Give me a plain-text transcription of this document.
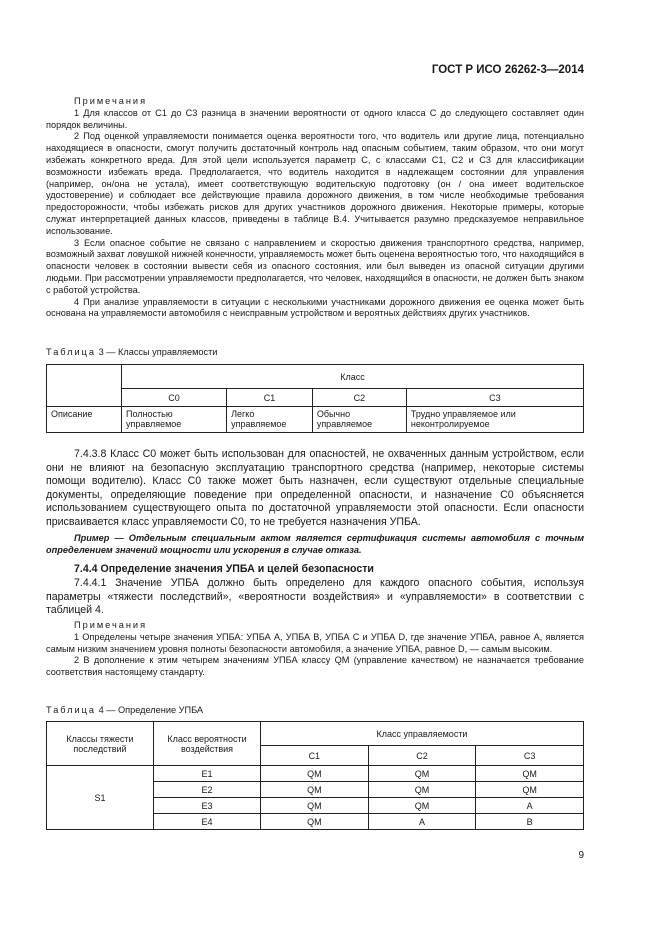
ГОСТ Р ИСО 26262-3—2014
Примечания
1 Для классов от С1 до С3 разница в значении вероятности от одного класса С до следующего составляет один порядок величины.
2 Под оценкой управляемости понимается оценка вероятности того, что водитель или другие лица, потенциально находящиеся в опасности, смогут получить достаточный контроль над опасным событием, таким образом, что они могут избежать конкретного вреда. Для этой цели используется параметр С, с классами С1, С2 и С3 для классификации возможности избежать вреда. Предполагается, что водитель находится в надлежащем состоянии для управления (например, он/она не устала), имеет соответствующую водительскую подготовку (он / она имеет водительское удостоверение) и соблюдает все действующие правила дорожного движения, в том числе необходимые требования предосторожности, чтобы избежать рисков для других участников дорожного движения. Некоторые примеры, которые служат интерпретацией данных классов, приведены в таблице В.4. Учитывается разумно предсказуемое неправильное использование.
3 Если опасное событие не связано с направлением и скоростью движения транспортного средства, например, возможный захват ловушкой нижней конечности, управляемость может быть оценена вероятностью того, что находящийся в опасности человек в состоянии вывести себя из опасного состояния, или был выведен из опасной ситуации другими людьми. При рассмотрении управляемости предполагается, что человек, находящийся в опасности, не должен быть знаком с работой устройства.
4 При анализе управляемости в ситуации с несколькими участниками дорожного движения ее оценка может быть основана на управляемости автомобиля с неисправным устройством и вероятных действиях других участников.
Таблица 3 — Классы управляемости
	Класс			
	С0	С1	С2	С3
Описание	Полностью управляемое	Легко управляемое	Обычно управляемое	Трудно управляемое или неконтролируемое
7.4.3.8 Класс С0 может быть использован для опасностей, не охваченных данным устройством, если они не влияют на безопасную эксплуатацию транспортного средства (например, некоторые системы помощи водителю). Класс С0 также может быть назначен, если существуют отдельные специальные документы, определяющие поведение при определенной опасности, и назначение С0 объясняется использованием существующего опыта по достаточной управляемости этой опасности. Если опасности присваивается класс управляемости С0, то не требуется назначения УПБА.
Пример — Отдельным специальным актом является сертификация системы автомобиля с точным определением значений мощности или ускорения в случае отказа.
7.4.4 Определение значения УПБА и целей безопасности
7.4.4.1 Значение УПБА должно быть определено для каждого опасного события, используя параметры «тяжести последствий», «вероятности воздействия» и «управляемости» в соответствии с таблицей 4.
Примечания
1 Определены четыре значения УПБА: УПБА А, УПБА В, УПБА С и УПБА D, где значение УПБА, равное А, является самым низким значением уровня полноты безопасности автомобиля, а значение УПБА, равное D, — самым высоким.
2 В дополнение к этим четырем значениям УПБА классу QM (управление качеством) не назначается требование соответствия настоящему стандарту.
Таблица 4 — Определение УПБА
Классы тяжести последствий	Класс вероятности воздействия	Класс управляемости		
		С1	С2	С3
S1	E1	QM	QM	QM
	E2	QM	QM	QM
	E3	QM	QM	A
	E4	QM	A	B
9
